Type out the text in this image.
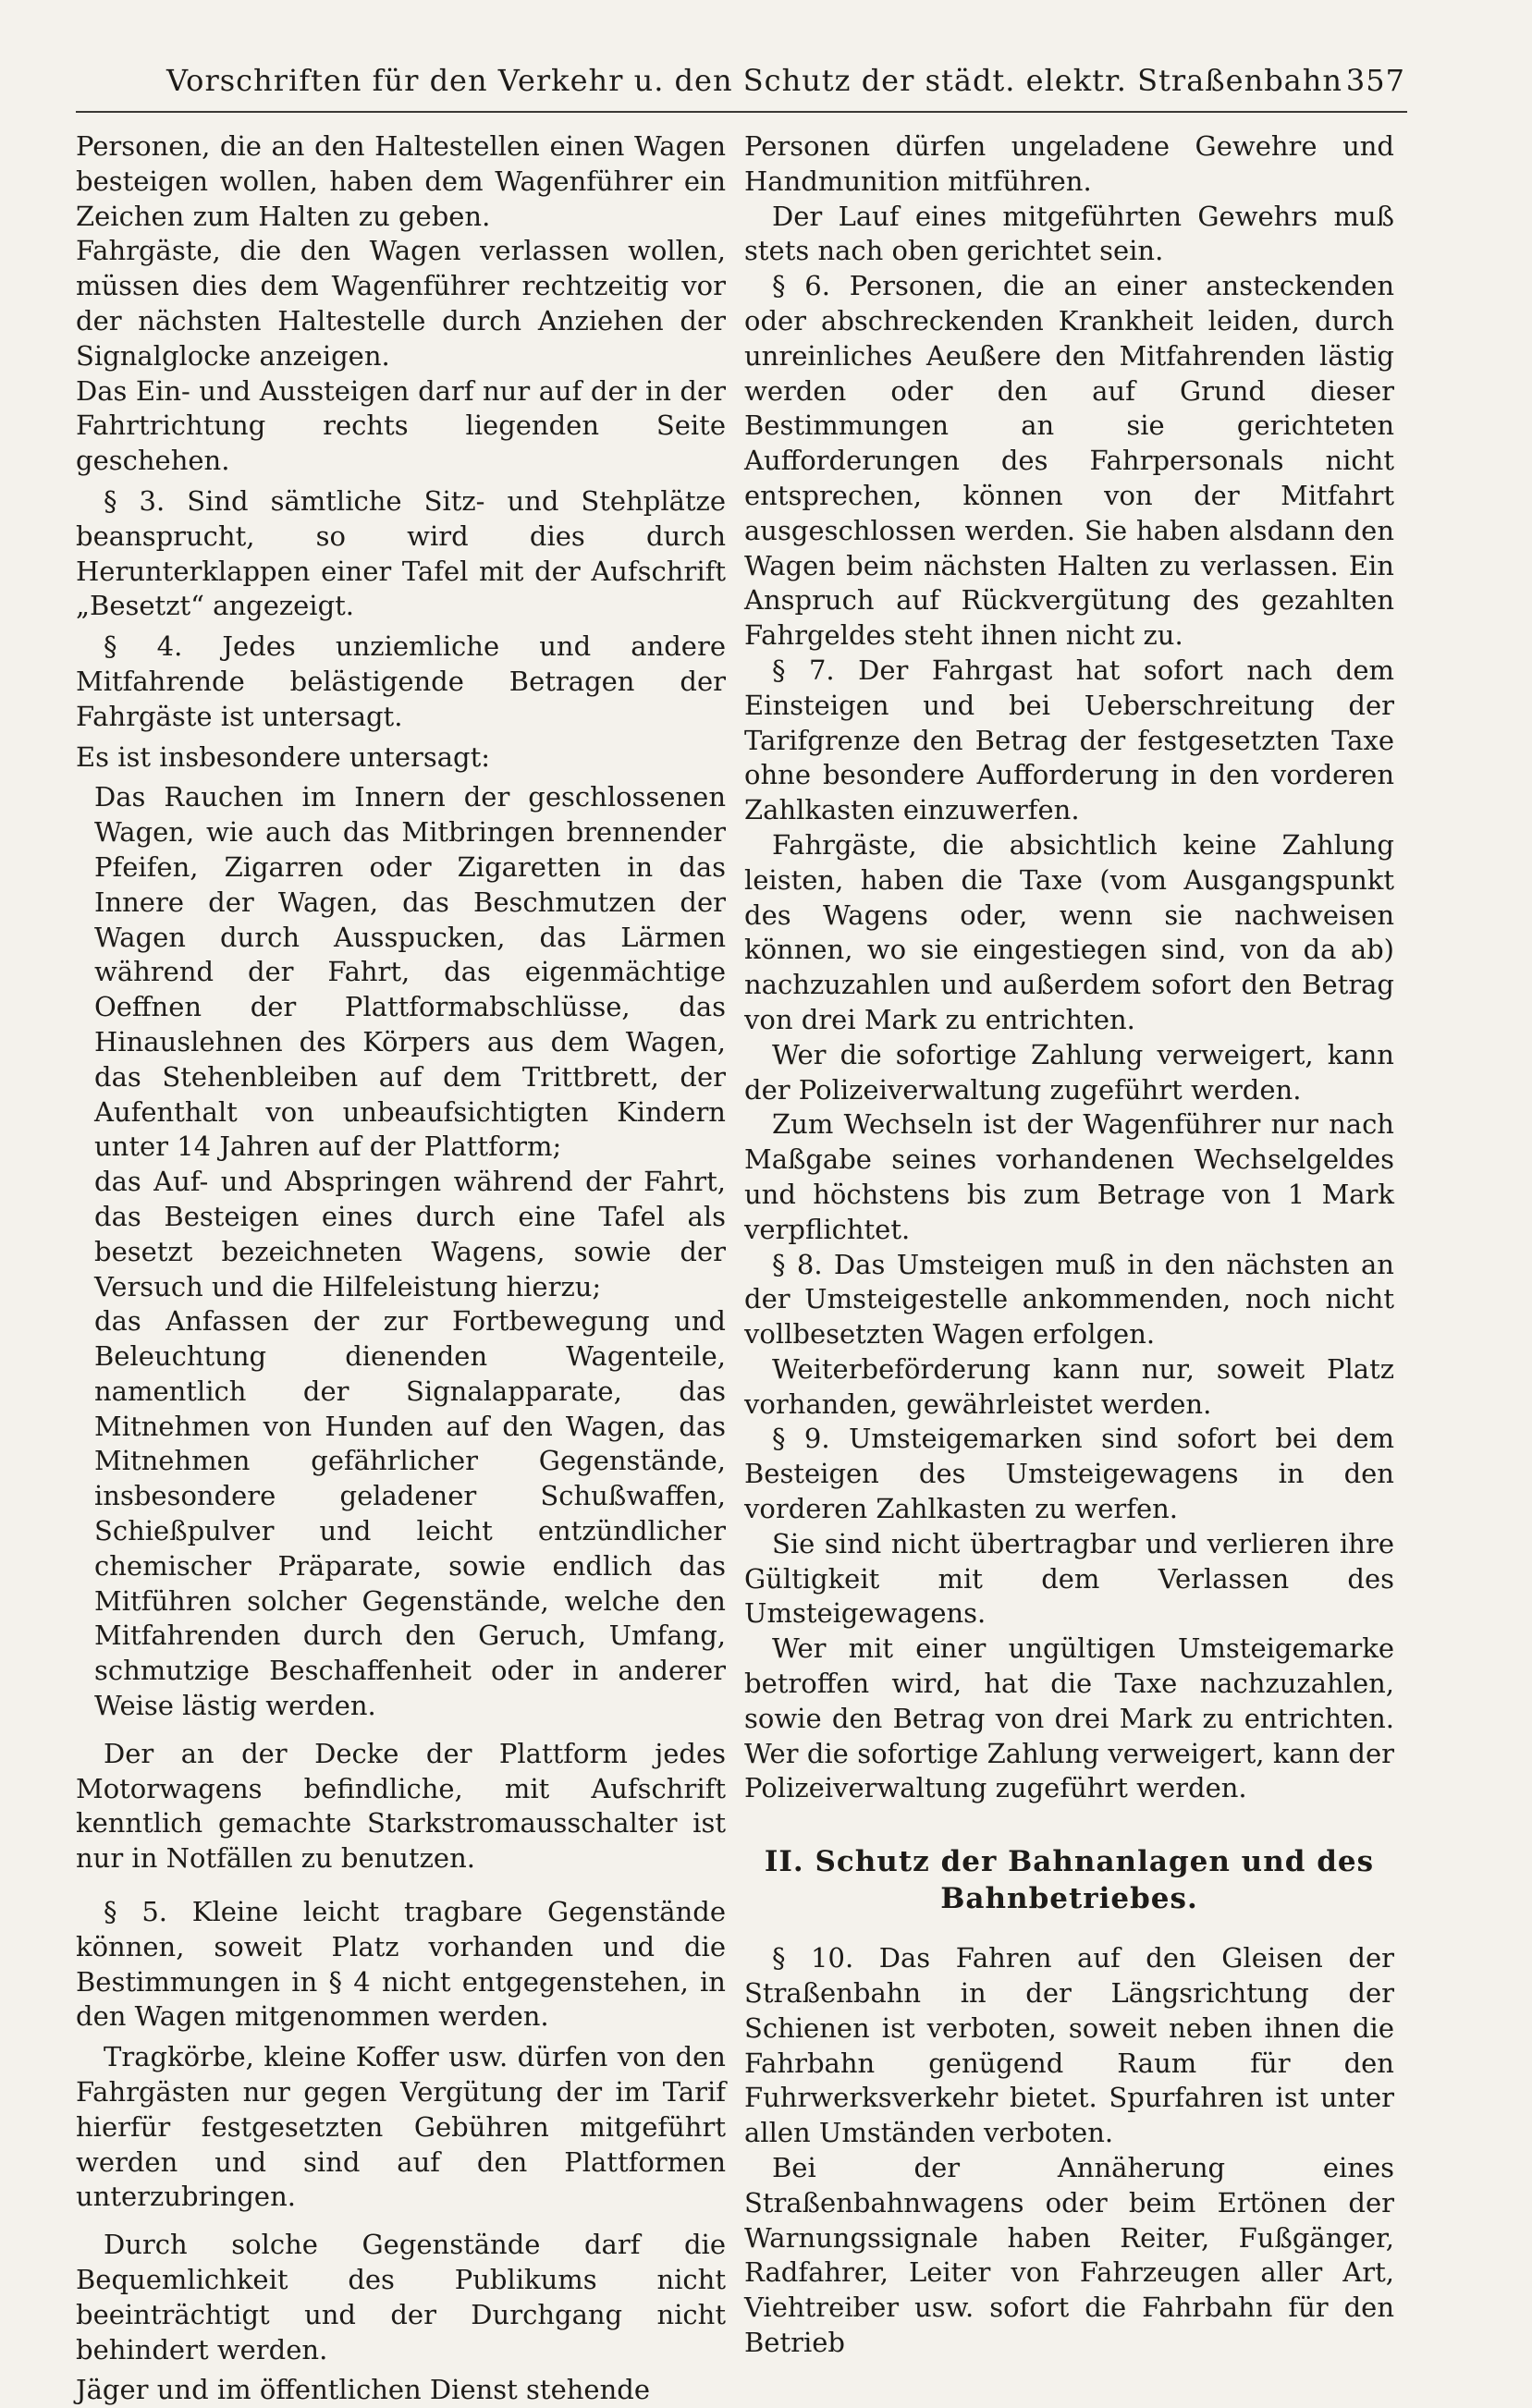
Vorschriften für den Verkehr u. den Schutz der städt. elektr. Straßenbahn 357

Personen, die an den Haltestellen einen Wagen besteigen wollen, haben dem Wagenführer ein Zeichen zum Halten zu geben.

Fahrgäste, die den Wagen verlassen wollen, müssen dies dem Wagenführer rechtzeitig vor der nächsten Haltestelle durch Anziehen der Signalglocke anzeigen.

Das Ein- und Aussteigen darf nur auf der in der Fahrtrichtung rechts liegenden Seite geschehen.

§ 3. Sind sämtliche Sitz- und Stehplätze beansprucht, so wird dies durch Herunterklappen einer Tafel mit der Aufschrift „Besetzt“ angezeigt.

§ 4. Jedes unziemliche und andere Mitfahrende belästigende Betragen der Fahrgäste ist untersagt.

Es ist insbesondere untersagt:

Das Rauchen im Innern der geschlossenen Wagen, wie auch das Mitbringen brennender Pfeifen, Zigarren oder Zigaretten in das Innere der Wagen, das Beschmutzen der Wagen durch Ausspucken, das Lärmen während der Fahrt, das eigenmächtige Oeffnen der Plattformabschlüsse, das Hinauslehnen des Körpers aus dem Wagen, das Stehenbleiben auf dem Trittbrett, der Aufenthalt von unbeaufsichtigten Kindern unter 14 Jahren auf der Plattform;

das Auf- und Abspringen während der Fahrt, das Besteigen eines durch eine Tafel als besetzt bezeichneten Wagens, sowie der Versuch und die Hilfeleistung hierzu;

das Anfassen der zur Fortbewegung und Beleuchtung dienenden Wagenteile, namentlich der Signalapparate, das Mitnehmen von Hunden auf den Wagen, das Mitnehmen gefährlicher Gegenstände, insbesondere geladener Schußwaffen, Schießpulver und leicht entzündlicher chemischer Präparate, sowie endlich das Mitführen solcher Gegenstände, welche den Mitfahrenden durch den Geruch, Umfang, schmutzige Beschaffenheit oder in anderer Weise lästig werden.

Der an der Decke der Plattform jedes Motorwagens befindliche, mit Aufschrift kenntlich gemachte Starkstromausschalter ist nur in Notfällen zu benutzen.

§ 5. Kleine leicht tragbare Gegenstände können, soweit Platz vorhanden und die Bestimmungen in § 4 nicht entgegenstehen, in den Wagen mitgenommen werden.

Tragkörbe, kleine Koffer usw. dürfen von den Fahrgästen nur gegen Vergütung der im Tarif hierfür festgesetzten Gebühren mitgeführt werden und sind auf den Plattformen unterzubringen.

Durch solche Gegenstände darf die Bequemlichkeit des Publikums nicht beeinträchtigt und der Durchgang nicht behindert werden.

Jäger und im öffentlichen Dienst stehende

Personen dürfen ungeladene Gewehre und Handmunition mitführen.

Der Lauf eines mitgeführten Gewehrs muß stets nach oben gerichtet sein.

§ 6. Personen, die an einer ansteckenden oder abschreckenden Krankheit leiden, durch unreinliches Aeußere den Mitfahrenden lästig werden oder den auf Grund dieser Bestimmungen an sie gerichteten Aufforderungen des Fahrpersonals nicht entsprechen, können von der Mitfahrt ausgeschlossen werden. Sie haben alsdann den Wagen beim nächsten Halten zu verlassen. Ein Anspruch auf Rückvergütung des gezahlten Fahrgeldes steht ihnen nicht zu.

§ 7. Der Fahrgast hat sofort nach dem Einsteigen und bei Ueberschreitung der Tarifgrenze den Betrag der festgesetzten Taxe ohne besondere Aufforderung in den vorderen Zahlkasten einzuwerfen.

Fahrgäste, die absichtlich keine Zahlung leisten, haben die Taxe (vom Ausgangspunkt des Wagens oder, wenn sie nachweisen können, wo sie eingestiegen sind, von da ab) nachzuzahlen und außerdem sofort den Betrag von drei Mark zu entrichten.

Wer die sofortige Zahlung verweigert, kann der Polizeiverwaltung zugeführt werden.

Zum Wechseln ist der Wagenführer nur nach Maßgabe seines vorhandenen Wechselgeldes und höchstens bis zum Betrage von 1 Mark verpflichtet.

§ 8. Das Umsteigen muß in den nächsten an der Umsteigestelle ankommenden, noch nicht vollbesetzten Wagen erfolgen.

Weiterbeförderung kann nur, soweit Platz vorhanden, gewährleistet werden.

§ 9. Umsteigemarken sind sofort bei dem Besteigen des Umsteigewagens in den vorderen Zahlkasten zu werfen.

Sie sind nicht übertragbar und verlieren ihre Gültigkeit mit dem Verlassen des Umsteigewagens.

Wer mit einer ungültigen Umsteigemarke betroffen wird, hat die Taxe nachzuzahlen, sowie den Betrag von drei Mark zu entrichten. Wer die sofortige Zahlung verweigert, kann der Polizeiverwaltung zugeführt werden.

II. Schutz der Bahnanlagen und des Bahnbetriebes.

§ 10. Das Fahren auf den Gleisen der Straßenbahn in der Längsrichtung der Schienen ist verboten, soweit neben ihnen die Fahrbahn genügend Raum für den Fuhrwerksverkehr bietet. Spurfahren ist unter allen Umständen verboten.

Bei der Annäherung eines Straßenbahnwagens oder beim Ertönen der Warnungssignale haben Reiter, Fußgänger, Radfahrer, Leiter von Fahrzeugen aller Art, Viehtreiber usw. sofort die Fahrbahn für den Betrieb
